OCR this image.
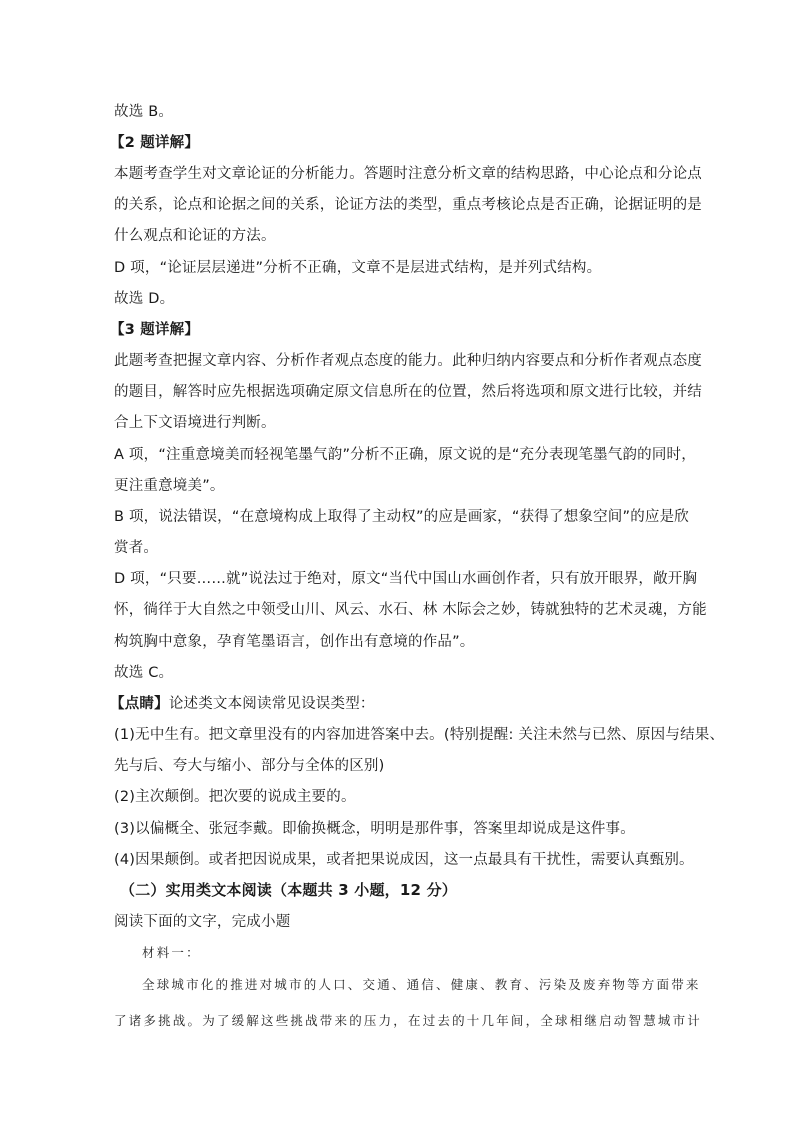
故选 B。
【2 题详解】
本题考查学生对文章论证的分析能力。答题时注意分析文章的结构思路，中心论点和分论点
的关系，论点和论据之间的关系，论证方法的类型，重点考核论点是否正确，论据证明的是
什么观点和论证的方法。
D 项，“论证层层递进”分析不正确，文章不是层进式结构，是并列式结构。
故选 D。
【3 题详解】
此题考查把握文章内容、分析作者观点态度的能力。此种归纳内容要点和分析作者观点态度
的题目，解答时应先根据选项确定原文信息所在的位置，然后将选项和原文进行比较，并结
合上下文语境进行判断。
A 项，“注重意境美而轻视笔墨气韵”分析不正确，原文说的是“充分表现笔墨气韵的同时，
更注重意境美”。
B 项，说法错误，“在意境构成上取得了主动权”的应是画家，“获得了想象空间”的应是欣
赏者。
D 项，“只要……就”说法过于绝对，原文“当代中国山水画创作者，只有放开眼界，敞开胸
怀，徜徉于大自然之中领受山川、风云、水石、林 木际会之妙，铸就独特的艺术灵魂，方能
构筑胸中意象，孕育笔墨语言，创作出有意境的作品”。
故选 C。
【点睛】论述类文本阅读常见设误类型：
(1)无中生有。把文章里没有的内容加进答案中去。(特别提醒: 关注未然与已然、原因与结果、
先与后、夸大与缩小、部分与全体的区别)
(2)主次颠倒。把次要的说成主要的。
(3)以偏概全、张冠李戴。即偷换概念，明明是那件事，答案里却说成是这件事。
(4)因果颠倒。或者把因说成果，或者把果说成因，这一点最具有干扰性，需要认真甄别。
（二）实用类文本阅读（本题共 3 小题，12 分）
阅读下面的文字，完成小题
材料一：
全球城市化的推进对城市的人口、交通、通信、健康、教育、污染及废弃物等方面带来
了诸多挑战。为了缓解这些挑战带来的压力，在过去的十几年间，全球相继启动智慧城市计
